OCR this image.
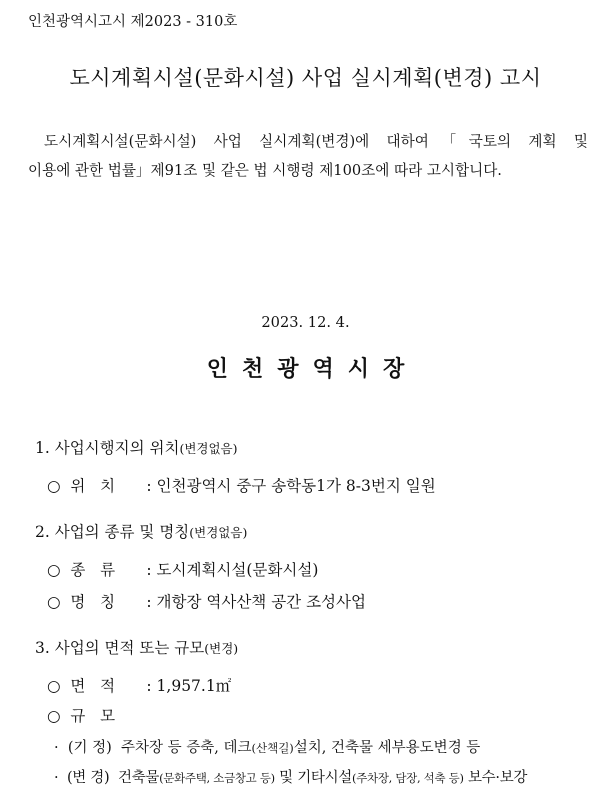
인천광역시고시 제2023 - 310호
도시계획시설(문화시설) 사업 실시계획(변경) 고시
도시계획시설(문화시설) 사업 실시계획(변경)에 대하여「국토의 계획 및
이용에 관한 법률」제91조 및 같은 법 시행령 제100조에 따라 고시합니다.
2023. 12. 4.
인천광역시장
1. 사업시행지의 위치(변경없음)
○ 위   치 : 인천광역시 중구 송학동1가 8-3번지 일원
2. 사업의 종류 및 명칭(변경없음)
○ 종   류 : 도시계획시설(문화시설)
○ 명   칭 : 개항장 역사산책 공간 조성사업
3. 사업의 면적 또는 규모(변경)
○ 면   적 : 1,957.1㎡
○ 규   모
· (기 정) 주차장 등 증축, 데크(산책길)설치, 건축물 세부용도변경 등
· (변 경) 건축물(문화주택, 소금창고 등) 및 기타시설(주차장, 담장, 석축 등) 보수·보강
